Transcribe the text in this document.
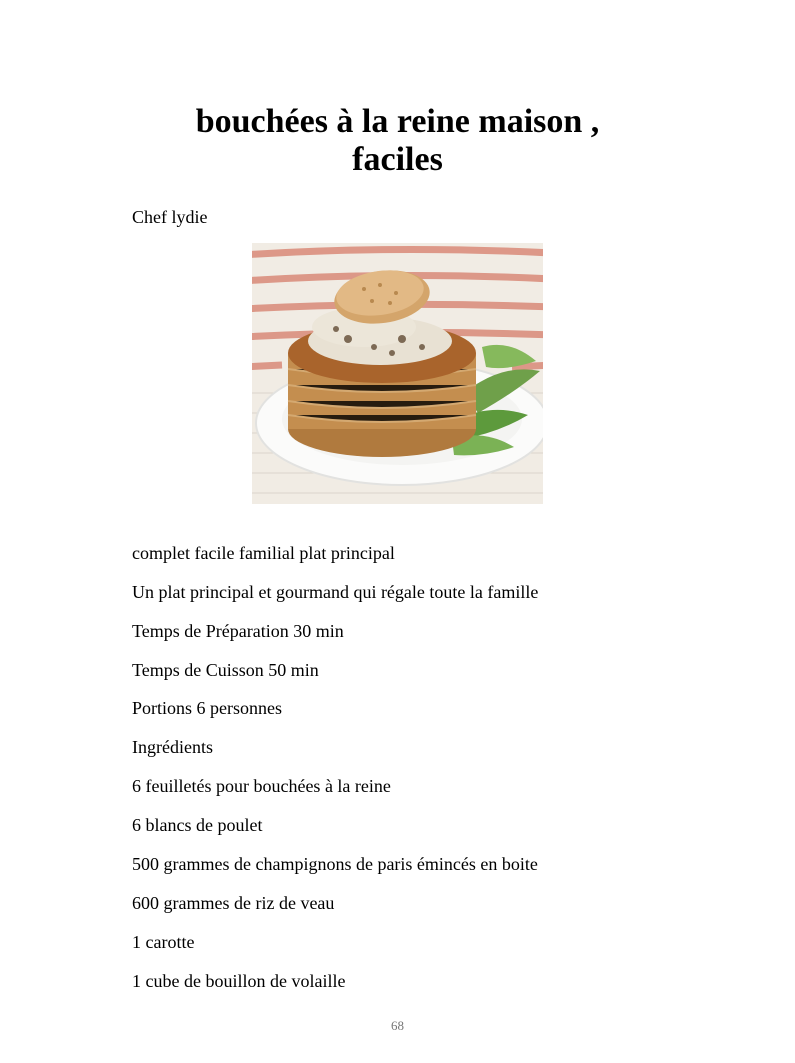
bouchées à la reine maison ,
faciles
Chef lydie
complet facile familial plat principal
Un plat principal et gourmand qui régale toute la famille
Temps de Préparation 30 min
Temps de Cuisson 50 min
Portions 6 personnes
Ingrédients
6 feuilletés pour bouchées à la reine
6 blancs de poulet
500 grammes de champignons de paris émincés en boite
600 grammes de riz de veau
1 carotte
1 cube de bouillon de volaille
68
